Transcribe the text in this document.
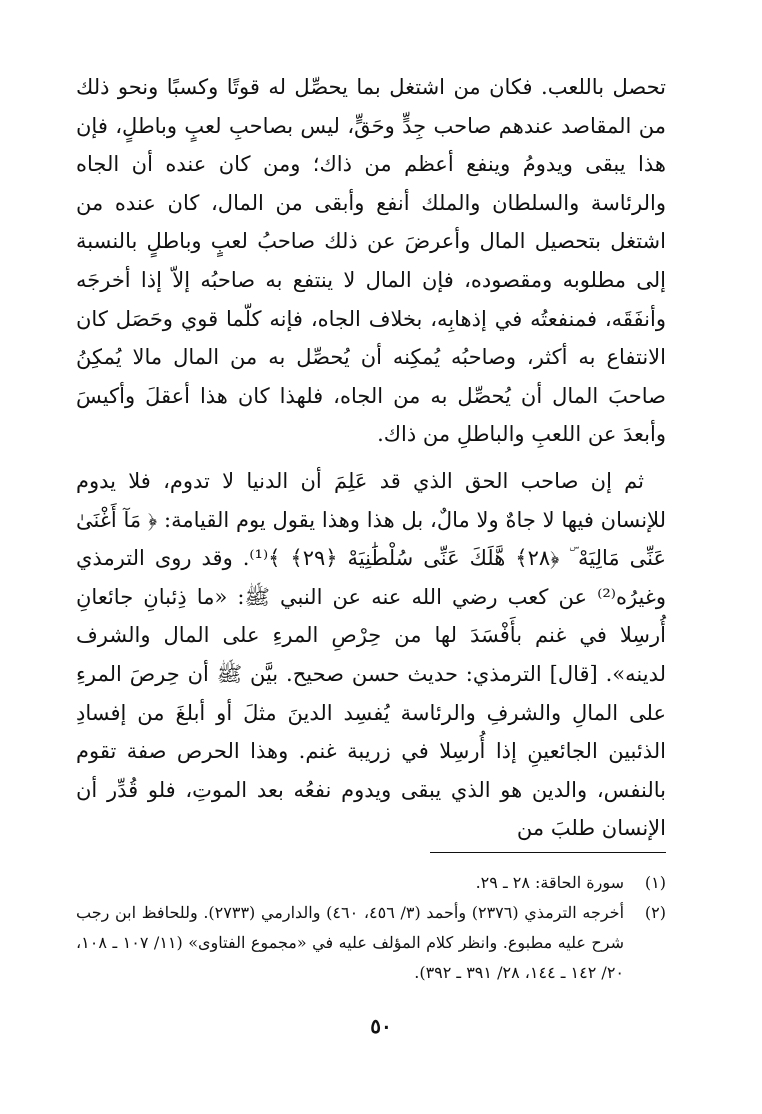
تحصل باللعب. فكان من اشتغل بما يحصِّل له قوتًا وكسبًا ونحو ذلك من المقاصد عندهم صاحب جِدٍّ وحَقٍّ، ليس بصاحبِ لعبٍ وباطلٍ، فإن هذا يبقى ويدومُ وينفع أعظم من ذاك؛ ومن كان عنده أن الجاه والرئاسة والسلطان والملك أنفع وأبقى من المال، كان عنده من اشتغل بتحصيل المال وأعرضَ عن ذلك صاحبُ لعبٍ وباطلٍ بالنسبة إلى مطلوبه ومقصوده، فإن المال لا ينتفع به صاحبُه إلاّ إذا أخرجَه وأنفَقَه، فمنفعتُه في إذهابِه، بخلاف الجاه، فإنه كلّما قوي وحَصَل كان الانتفاع به أكثر، وصاحبُه يُمكِنه أن يُحصِّل به من المال مالا يُمكِنُ صاحبَ المال أن يُحصِّل به من الجاه، فلهذا كان هذا أعقلَ وأكيسَ وأبعدَ عن اللعبِ والباطلِ من ذاك.

ثم إن صاحب الحق الذي قد عَلِمَ أن الدنيا لا تدوم، فلا يدوم للإنسان فيها لا جاهٌ ولا مالٌ، بل هذا وهذا يقول يوم القيامة: ﴿ مَآ أَغْنَىٰ عَنِّى مَالِيَهْ ۜ ﴿٢٨﴾ هَّلَكَ عَنِّى سُلْطَٰنِيَهْ ﴿٢٩﴾ ﴾⁽¹⁾. وقد روى الترمذي وغيرُه⁽²⁾ عن كعب رضي الله عنه عن النبي ﷺ: «ما ذِئبانِ جائعانِ أُرسِلا في غنم بأَفْسَدَ لها من حِرْصِ المرءِ على المال والشرف لدينه». [قال] الترمذي: حديث حسن صحيح. بيَّن ﷺ أن حِرصَ المرءِ على المالِ والشرفِ والرئاسة يُفسِد الدينَ مثلَ أو أبلغَ من إفسادِ الذئبين الجائعينِ إذا أُرسِلا في زريبة غنم. وهذا الحرص صفة تقوم بالنفس، والدين هو الذي يبقى ويدوم نفعُه بعد الموتِ، فلو قُدِّر أن الإنسان طلبَ من

(١)
سورة الحاقة: ٢٨ ـ ٢٩.
(٢)
أخرجه الترمذي (٢٣٧٦) وأحمد (٣/ ٤٥٦، ٤٦٠) والدارمي (٢٧٣٣). وللحافظ ابن رجب شرح عليه مطبوع. وانظر كلام المؤلف عليه في «مجموع الفتاوى» (١١/ ١٠٧ ـ ١٠٨، ٢٠/ ١٤٢ ـ ١٤٤، ٢٨/ ٣٩١ ـ ٣٩٢).
٥٠
